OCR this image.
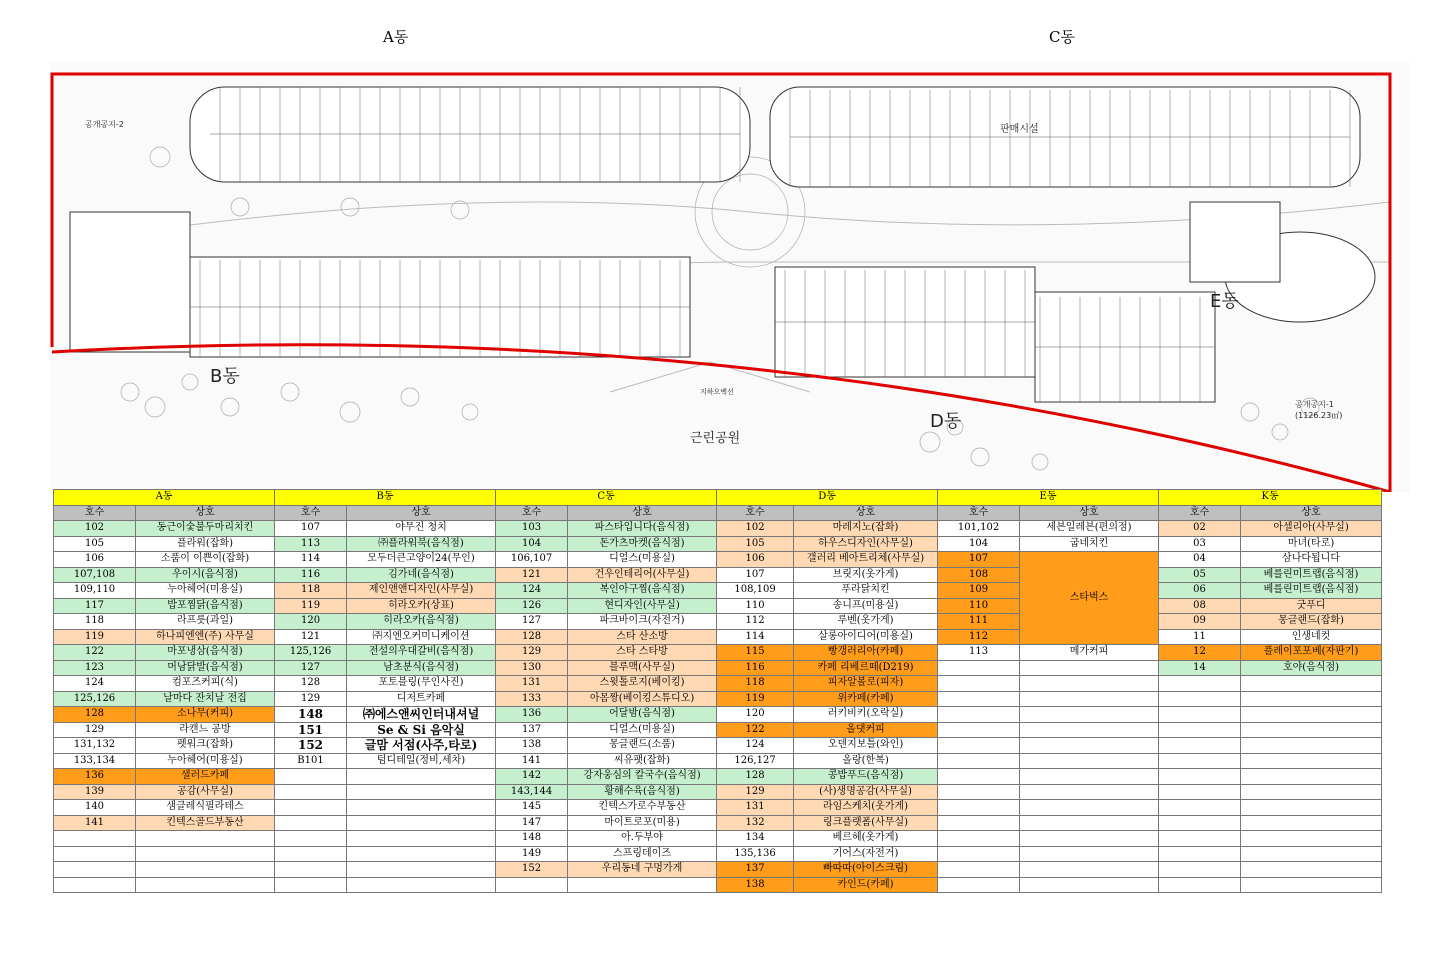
A동	C동
B동
D동
E동
근린공원
판매시설
공개공지-1
(1126.23㎡)
공개공지-2
지하오백선
A동		B동		C동		D동		E동		K동	
호수	상호	호수	상호	호수	상호	호수	상호	호수	상호	호수	상호
102	동근이숯불두마리치킨	107	야무진 청치	103	파스타입니다(음식점)	102	마레지노(잡화)	101,102	세븐일레븐(편의점)	02	아셀리아(사무실)
105	플라워(잡화)	113	㈜플라워북(음식점)	104	돈가츠마켓(음식점)	105	하우스디자인(사무실)	104	굽네치킨	03	마녀(타로)
106	소품이 이쁜이(잡화)	114	모두더큰고양이24(무인)	106,107	디얼스(미용실)	106	갤러리 베아트리체(사무실)	107	스타벅스	04	삼나다됩니다
107,108	우이시(음식점)	116	김가네(음식점)	121	건우인테리어(사무실)	107	브릿지(옷가게)	108		05	베를린미트랩(음식점)
109,110	누아헤어(미용실)	118	제인앤앤디자인(사무실)	124	복인아구찜(음식점)	108,109	푸라닭치킨	109		06	베를린미트랩(음식점)
117	밥포찜닭(음식점)	119	히라오카(상표)	126	현디자인(사무실)	110	송니프(미용실)	110		08	굿푸디
118	라프릇(과일)	120	히라오카(음식점)	127	파크바이크(자전거)	112	루벤(옷가게)	111		09	몽글랜드(잡화)
119	하나피엔엔(주) 사무실	121	㈜지엔오커미니케이션	128	스타 산소방	114	살롱아이디어(미용실)	112		11	인생네컷
122	마포냉삼(음식점)	125,126	전설의우대갈비(음식점)	129	스타 스타방	115	빵갱러리아(카페)	113	메가커피	12	플레이포포베(자판기)
123	머남닭발(음식점)	127	남초분식(음식점)	130	블루맥(사무실)	116	카페 리베르떼(D219)			14	호야(음식점)
124	컴포즈커피(식)	128	포토블링(무인사진)	131	스윗톨로지(베이킹)	118	피자알볼로(피자)				
125,126	날마다 잔치날 전집	129	디저트카페	133	아몸짱(베이킹스튜디오)	119	위카페(카페)				
128	소나무(커피)	148	㈜에스앤씨인터내셔널	136	어달밤(음식점)	120	러키비키(오락실)				
129	라캔느 공방	151	Se & Si 음악실	137	디얼스(미용실)	122	올댓커피				
131,132	펫워크(잡화)	152	글맘 서점(사주,타로)	138	몽글랜드(소품)	124	오덴지보틀(와인)				
133,134	누아헤어(미용실)	B101	텀디테일(정비,세차)	141	씨유팻(잡화)	126,127	올랑(한복)				
136	샐러드카페			142	강자웅심의 칼국수(음식점)	128	콩밥푸드(음식점)				
139	공감(사무실)			143,144	황해수육(음식점)	129	(사)생명공감(사무실)				
140	샘클레식필라테스			145	킨텍스가로수부동산	131	라임스케치(옷가게)				
141	킨텍스골드부동산			147	마이트로포(미용)	132	링크플랫폼(사무실)				
				148	아.두부야	134	베르헤(옷가게)				
				149	스프링데이즈	135,136	기어스(자전거)				
				152	우리동네 구멍가게	137	빠따따(아이스크림)				
						138	카인드(카페)				
